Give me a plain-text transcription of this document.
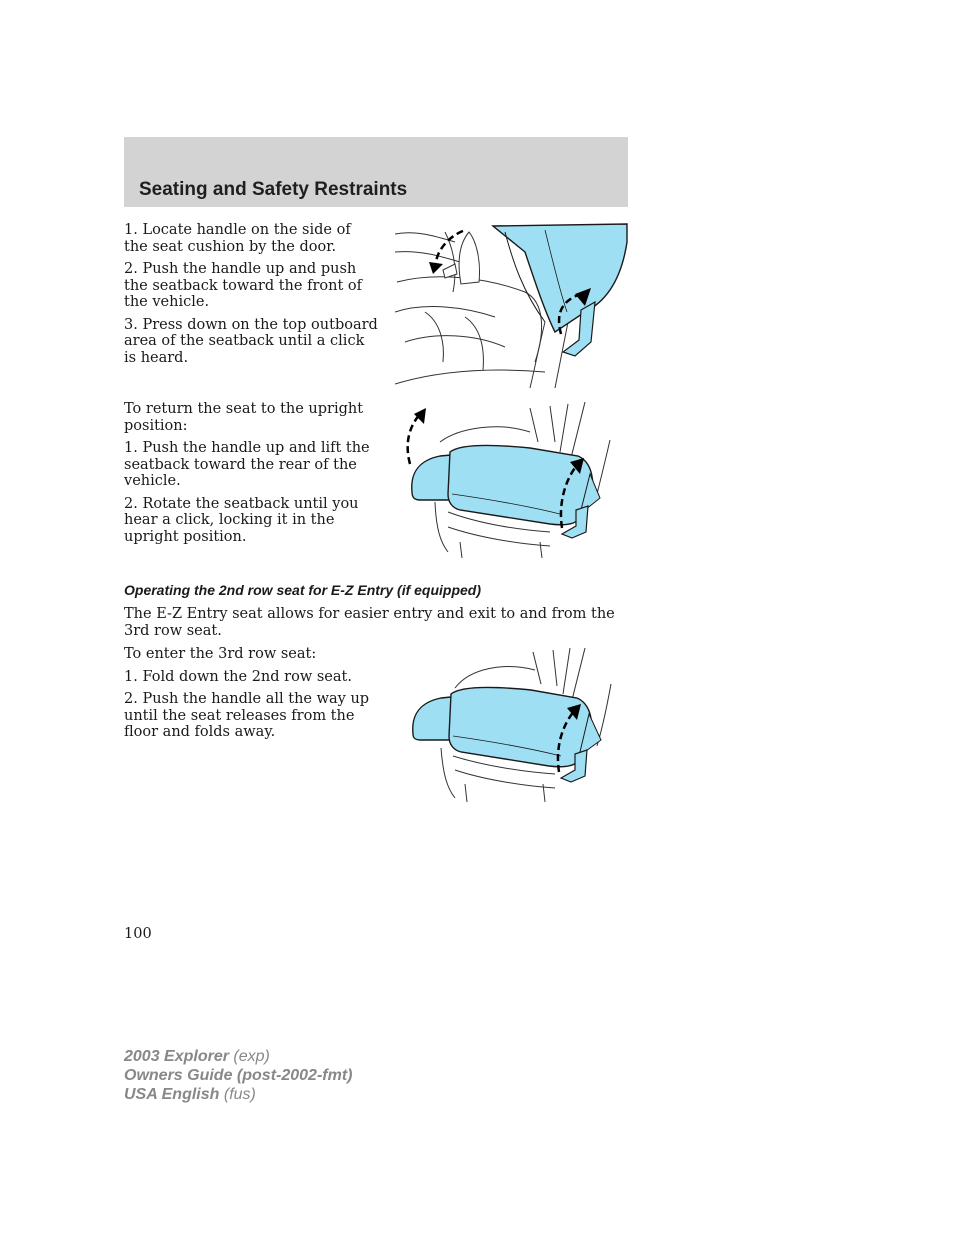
Seating and Safety Restraints

1. Locate handle on the side of the seat cushion by the door.

2. Push the handle up and push the seatback toward the front of the vehicle.

3. Press down on the top outboard area of the seatback until a click is heard.

To return the seat to the upright position:

1. Push the handle up and lift the seatback toward the rear of the vehicle.

2. Rotate the seatback until you hear a click, locking it in the upright position.

Operating the 2nd row seat for E-Z Entry (if equipped)

The E-Z Entry seat allows for easier entry and exit to and from the 3rd row seat.

To enter the 3rd row seat:

1. Fold down the 2nd row seat.

2. Push the handle all the way up until the seat releases from the floor and folds away.

100
2003 Explorer (exp)
Owners Guide (post-2002-fmt)
USA English (fus)
